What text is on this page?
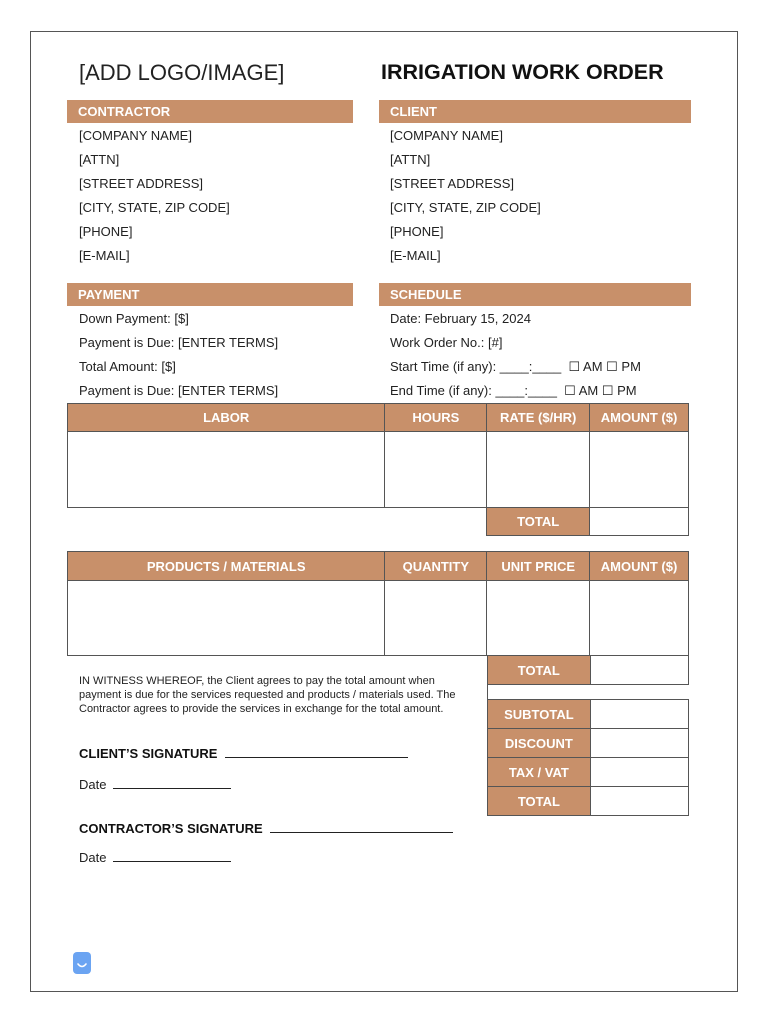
[ADD LOGO/IMAGE]	IRRIGATION WORK ORDER
CONTRACTOR
[COMPANY NAME]
[ATTN]
[STREET ADDRESS]
[CITY, STATE, ZIP CODE]
[PHONE]
[E-MAIL]
CLIENT
[COMPANY NAME]
[ATTN]
[STREET ADDRESS]
[CITY, STATE, ZIP CODE]
[PHONE]
[E-MAIL]
PAYMENT
Down Payment: [$]
Payment is Due: [ENTER TERMS]
Total Amount: [$]
Payment is Due: [ENTER TERMS]
SCHEDULE
Date: February 15, 2024
Work Order No.: [#]
Start Time (if any): ____:____  ☐ AM ☐ PM
End Time (if any): ____:____  ☐ AM ☐ PM
LABOR	HOURS	RATE ($/HR)	AMOUNT ($)

		TOTAL	
PRODUCTS / MATERIALS	QUANTITY	UNIT PRICE	AMOUNT ($)

TOTAL	
SUBTOTAL	
DISCOUNT	
TAX / VAT	
TOTAL	
IN WITNESS WHEREOF, the Client agrees to pay the total amount when payment is due for the services requested and products / materials used. The Contractor agrees to provide the services in exchange for the total amount.
CLIENT’S SIGNATURE
Date
CONTRACTOR’S SIGNATURE
Date
